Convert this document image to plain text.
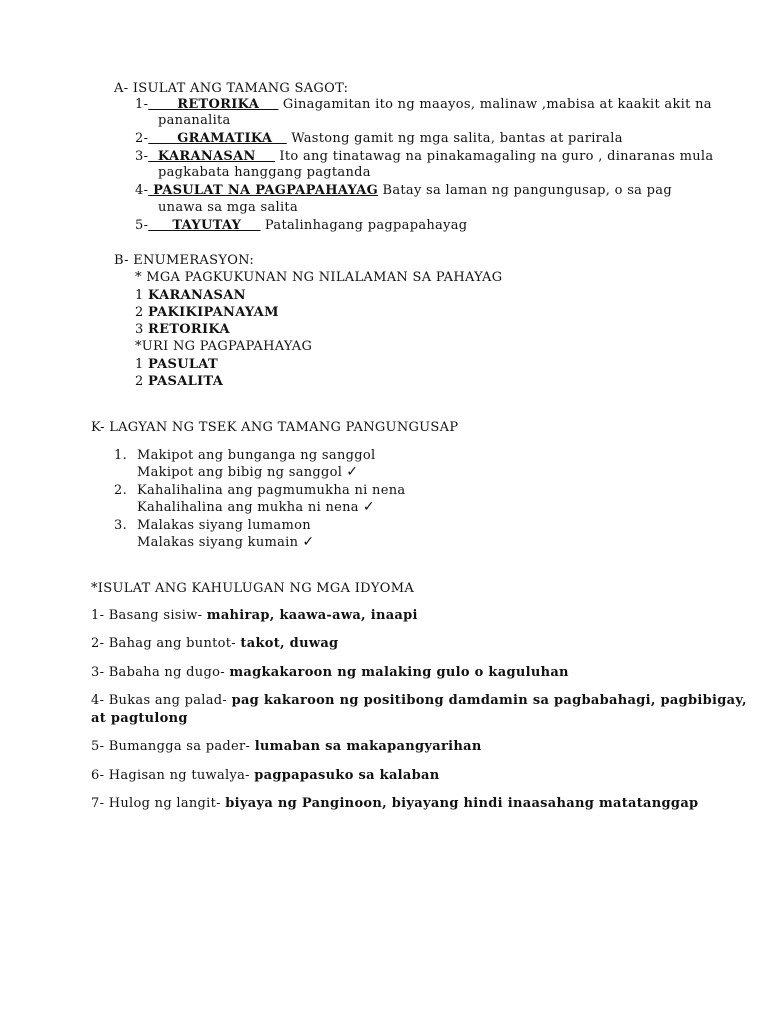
A- ISULAT ANG TAMANG SAGOT:
1-      RETORIKA     Ginagamitan ito ng maayos, malinaw ,mabisa at kaakit akit na
pananalita
2-      GRAMATIKA    Wastong gamit ng mga salita, bantas at parirala
3-  KARANASAN     Ito ang tinatawag na pinakamagaling na guro , dinaranas mula
pagkabata hanggang pagtanda
4- PASULAT NA PAGPAPAHAYAG Batay sa laman ng pangungusap, o sa pag
unawa sa mga salita
5-     TAYUTAY     Patalinhagang pagpapahayag
B- ENUMERASYON:
* MGA PAGKUKUNAN NG NILALAMAN SA PAHAYAG
1 KARANASAN
2 PAKIKIPANAYAM
3 RETORIKA
*URI NG PAGPAPAHAYAG
1 PASULAT
2 PASALITA
K- LAGYAN NG TSEK ANG TAMANG PANGUNGUSAP
1. Makipot ang bunganga ng sanggol
Makipot ang bibig ng sanggol ✓
2. Kahalihalina ang pagmumukha ni nena
Kahalihalina ang mukha ni nena ✓
3. Malakas siyang lumamon
Malakas siyang kumain ✓
*ISULAT ANG KAHULUGAN NG MGA IDYOMA
1- Basang sisiw- mahirap, kaawa-awa, inaapi
2- Bahag ang buntot- takot, duwag
3- Babaha ng dugo- magkakaroon ng malaking gulo o kaguluhan
4- Bukas ang palad- pag kakaroon ng positibong damdamin sa pagbabahagi, pagbibigay,
at pagtulong
5- Bumangga sa pader- lumaban sa makapangyarihan
6- Hagisan ng tuwalya- pagpapasuko sa kalaban
7- Hulog ng langit- biyaya ng Panginoon, biyayang hindi inaasahang matatanggap
